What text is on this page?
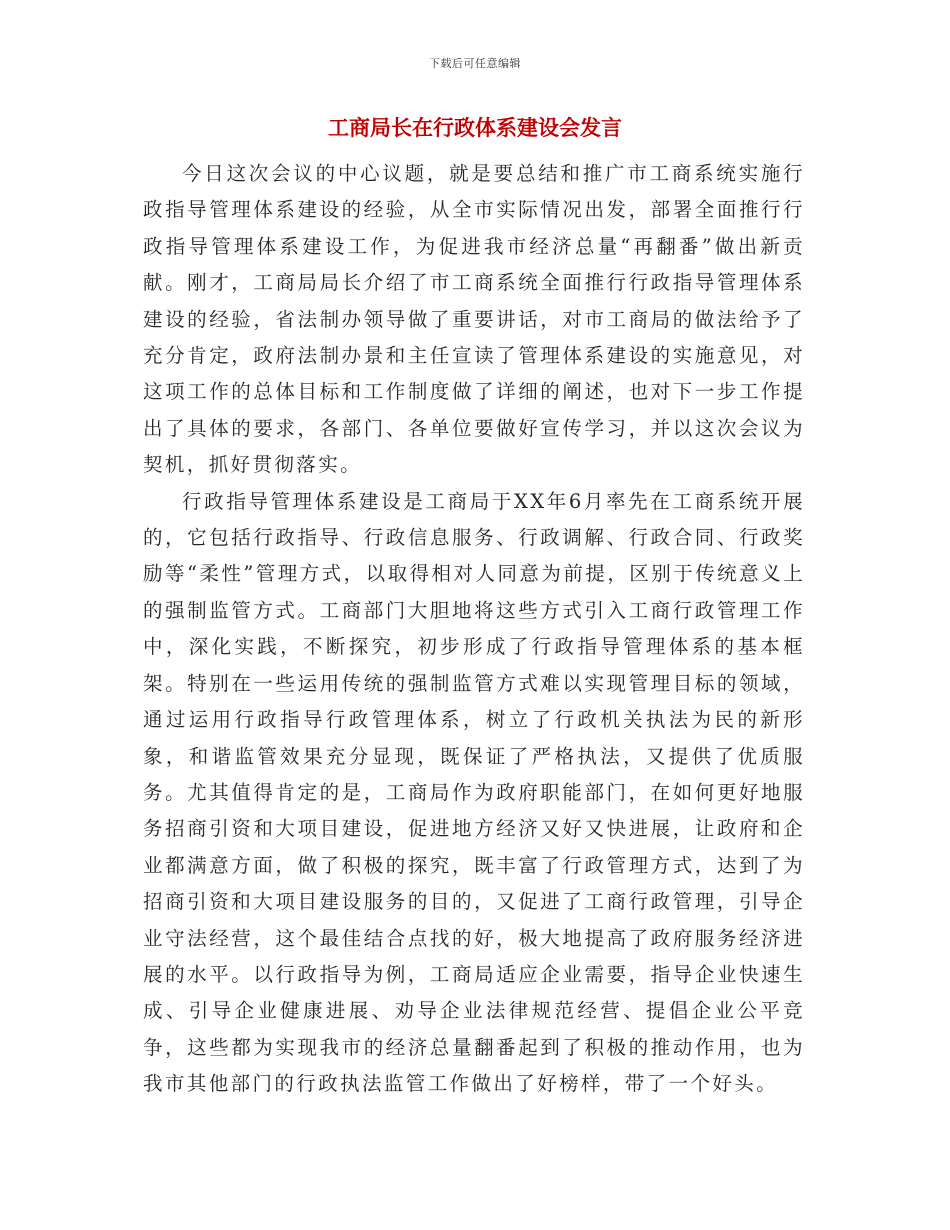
下载后可任意编辑
工商局长在行政体系建设会发言

今日这次会议的中心议题，就是要总结和推广市工商系统实施行政指导管理体系建设的经验，从全市实际情况出发，部署全面推行行政指导管理体系建设工作，为促进我市经济总量“再翻番”做出新贡献。刚才，工商局局长介绍了市工商系统全面推行行政指导管理体系建设的经验，省法制办领导做了重要讲话，对市工商局的做法给予了充分肯定，政府法制办景和主任宣读了管理体系建设的实施意见，对这项工作的总体目标和工作制度做了详细的阐述，也对下一步工作提出了具体的要求，各部门、各单位要做好宣传学习，并以这次会议为契机，抓好贯彻落实。

行政指导管理体系建设是工商局于XX年6月率先在工商系统开展的，它包括行政指导、行政信息服务、行政调解、行政合同、行政奖励等“柔性”管理方式，以取得相对人同意为前提，区别于传统意义上的强制监管方式。工商部门大胆地将这些方式引入工商行政管理工作中，深化实践，不断探究，初步形成了行政指导管理体系的基本框架。特别在一些运用传统的强制监管方式难以实现管理目标的领域，通过运用行政指导行政管理体系，树立了行政机关执法为民的新形象，和谐监管效果充分显现，既保证了严格执法，又提供了优质服务。尤其值得肯定的是，工商局作为政府职能部门，在如何更好地服务招商引资和大项目建设，促进地方经济又好又快进展，让政府和企业都满意方面，做了积极的探究，既丰富了行政管理方式，达到了为招商引资和大项目建设服务的目的，又促进了工商行政管理，引导企业守法经营，这个最佳结合点找的好，极大地提高了政府服务经济进展的水平。以行政指导为例，工商局适应企业需要，指导企业快速生成、引导企业健康进展、劝导企业法律规范经营、提倡企业公平竞争，这些都为实现我市的经济总量翻番起到了积极的推动作用，也为我市其他部门的行政执法监管工作做出了好榜样，带了一个好头。
